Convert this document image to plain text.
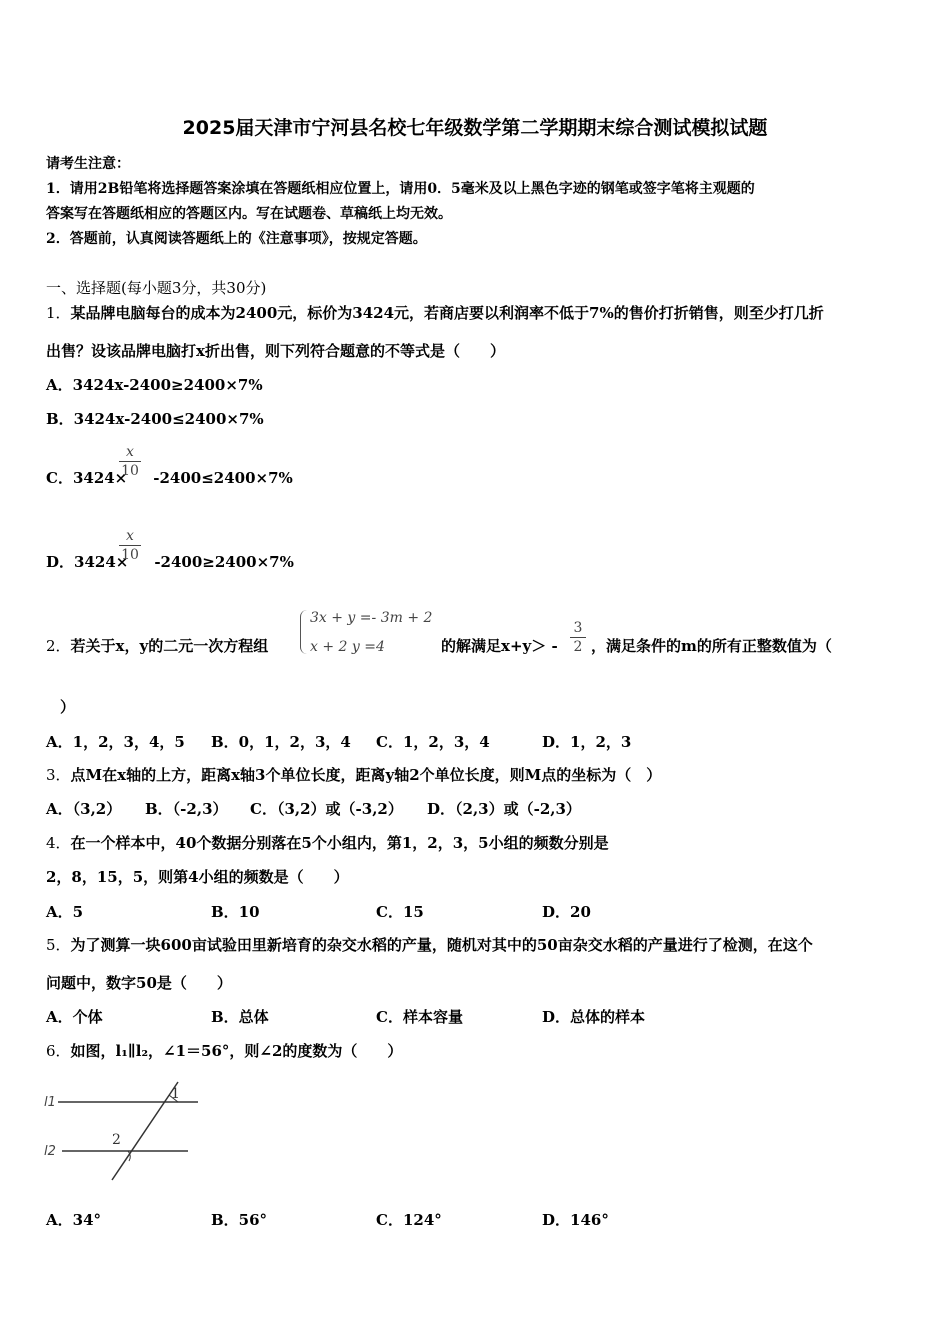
2025届天津市宁河县名校七年级数学第二学期期末综合测试模拟试题
请考生注意：
1．请用2B铅笔将选择题答案涂填在答题纸相应位置上，请用0．5毫米及以上黑色字迹的钢笔或签字笔将主观题的
答案写在答题纸相应的答题区内。写在试题卷、草稿纸上均无效。
2．答题前，认真阅读答题纸上的《注意事项》，按规定答题。
一、选择题(每小题3分，共30分)
1．某品牌电脑每台的成本为2400元，标价为3424元，若商店要以利润率不低于7%的售价打折销售，则至少打几折
出售？设该品牌电脑打x折出售，则下列符合题意的不等式是（　　）
A．3424x-2400≥2400×7%
B．3424x-2400≤2400×7%
C．3424× -2400≤2400×7%
x
10
D．3424× -2400≥2400×7%
x
10
2．若关于x，y的二元一次方程组
3x + y =- 3m + 2
x + 2 y =4	的解满足x+y＞ -
3
2 ，满足条件的m的所有正整数值为（
）
A．1，2，3，4，5 B．0，1，2，3，4 C．1，2，3，4	D．1，2，3
3．点M在x轴的上方，距离x轴3个单位长度，距离y轴2个单位长度，则M点的坐标为（　）
A．（3,2） B．（-2,3） C．（3,2）或（-3,2） D．（2,3）或（-2,3）
4．在一个样本中，40个数据分别落在5个小组内，第1，2，3，5小组的频数分别是
2，8，15，5，则第4小组的频数是（　　）
A．5	B．10	C．15	D．20
5．为了测算一块600亩试验田里新培育的杂交水稻的产量，随机对其中的50亩杂交水稻的产量进行了检测，在这个
问题中，数字50是（　　）
A．个体	B．总体	C．样本容量	D．总体的样本
6．如图，l₁∥l₂，∠1＝56°，则∠2的度数为（　　）
l1
l2
1
2
A．34°	B．56°	C．124°	D．146°
